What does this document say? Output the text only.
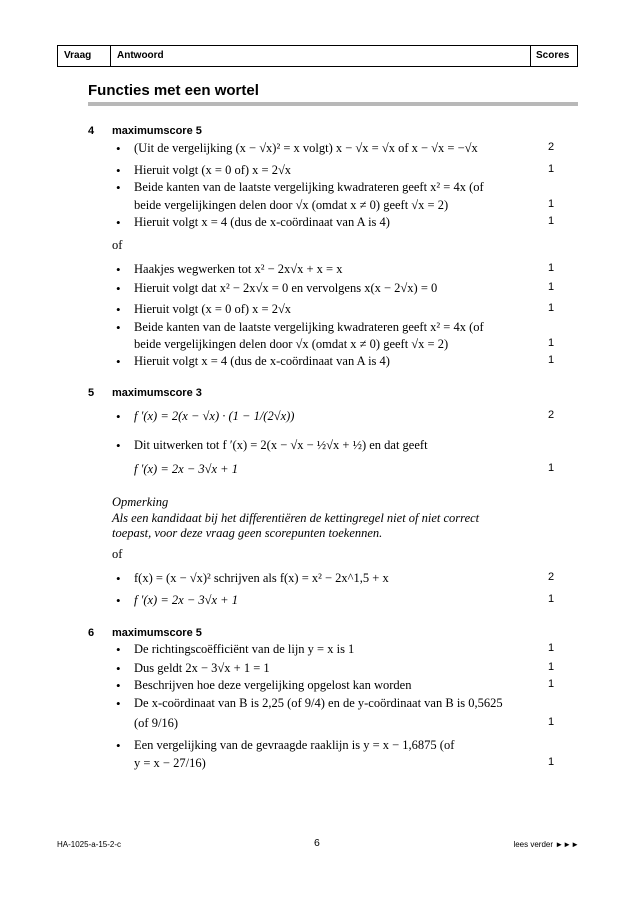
Vraag	Antwoord	Scores
Functies met een wortel
4 maximumscore 5
• (Uit de vergelijking (x − √x)² = x volgt) x − √x = √x of x − √x = −√x	2
• Hieruit volgt (x = 0 of) x = 2√x	1
• Beide kanten van de laatste vergelijking kwadrateren geeft x² = 4x (of
beide vergelijkingen delen door √x (omdat x ≠ 0) geeft √x = 2)	1
• Hieruit volgt x = 4 (dus de x-coördinaat van A is 4)	1
of
• Haakjes wegwerken tot x² − 2x√x + x = x	1
• Hieruit volgt dat x² − 2x√x = 0 en vervolgens x(x − 2√x) = 0	1
• Hieruit volgt (x = 0 of) x = 2√x	1
• Beide kanten van de laatste vergelijking kwadrateren geeft x² = 4x (of
beide vergelijkingen delen door √x (omdat x ≠ 0) geeft √x = 2)	1
• Hieruit volgt x = 4 (dus de x-coördinaat van A is 4)	1
5 maximumscore 3
• f ′(x) = 2(x − √x) · (1 − 1/(2√x))	2
• Dit uitwerken tot f ′(x) = 2(x − √x − ½√x + ½) en dat geeft
f ′(x) = 2x − 3√x + 1	1
Opmerking
Als een kandidaat bij het differentiëren de kettingregel niet of niet correct
toepast, voor deze vraag geen scorepunten toekennen.
of
• f(x) = (x − √x)² schrijven als f(x) = x² − 2x^1,5 + x	2
• f ′(x) = 2x − 3√x + 1	1
6 maximumscore 5
• De richtingscoëfficiënt van de lijn y = x is 1	1
• Dus geldt 2x − 3√x + 1 = 1	1
• Beschrijven hoe deze vergelijking opgelost kan worden	1
• De x-coördinaat van B is 2,25 (of 9/4) en de y-coördinaat van B is 0,5625
(of 9/16)	1
• Een vergelijking van de gevraagde raaklijn is y = x − 1,6875 (of
y = x − 27/16)	1
HA-1025-a-15-2-c	6	lees verder ►►►
